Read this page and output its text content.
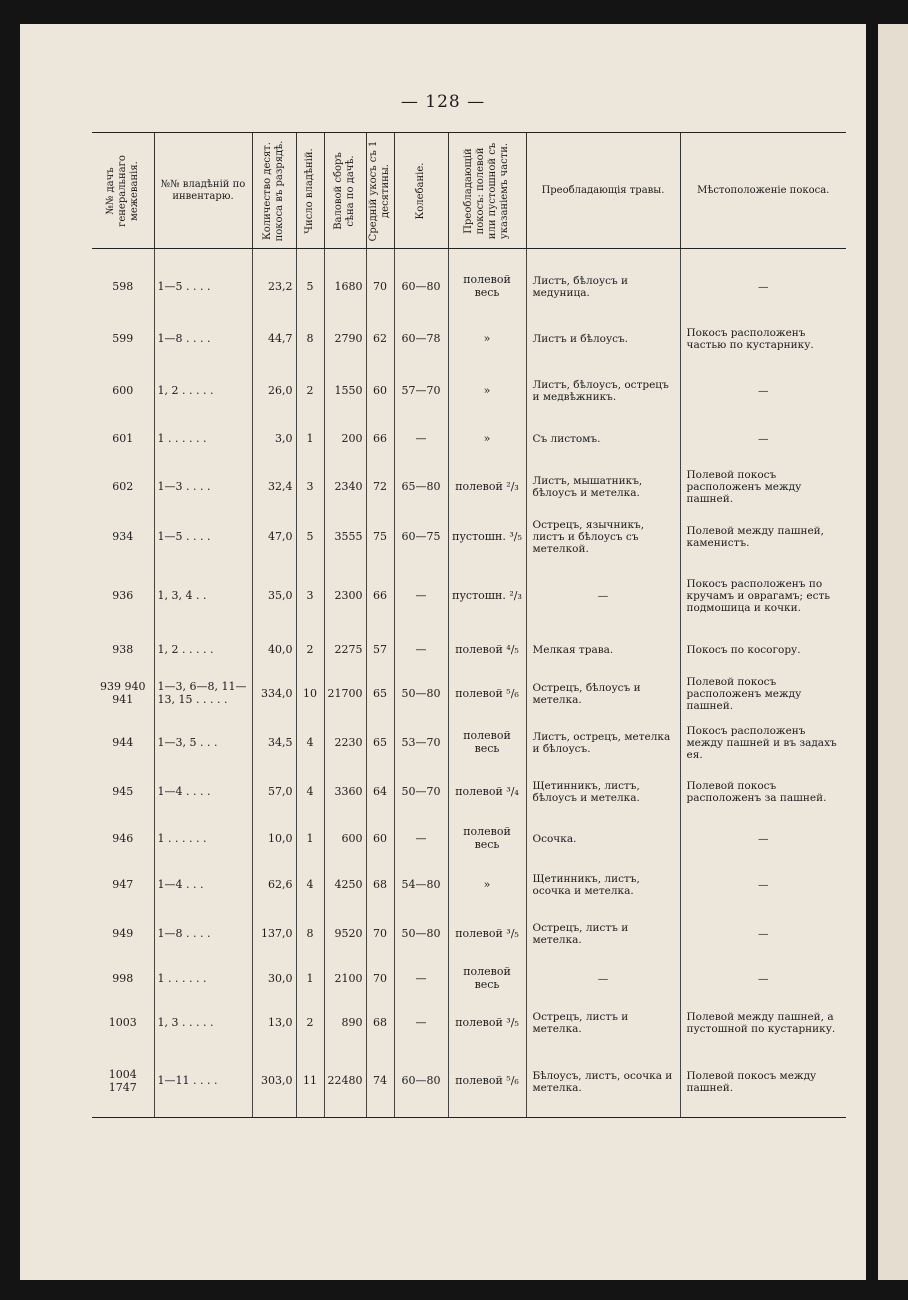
— 128 —
№№ дачъ генеральнаго межеванія.	№№ владѣній по инвентарю.	Количество десят. покоса въ разрядѣ.	Число владѣній.	Валовой сборъ сѣна по дачѣ.	Средній укосъ съ 1 десятины.	Колебаніе.	Преобладающій покосъ: полевой или пустошной съ указаніемъ части.	Преобладающія травы.	Мѣстоположеніе покоса.

598	1—5 . . . .	23,2	5	1680	70	60—80	полевой весь	Листъ, бѣлоусъ и медуница.	—
599	1—8 . . . .	44,7	8	2790	62	60—78	»	Листъ и бѣлоусъ.	Покосъ расположенъ частью по кустарнику.
600	1, 2 . . . . .	26,0	2	1550	60	57—70	»	Листъ, бѣлоусъ, острецъ и медвѣжникъ.	—
601	1 . . . . . .	3,0	1	200	66	—	»	Съ листомъ.	—
602	1—3 . . . .	32,4	3	2340	72	65—80	полевой ²/₃	Листъ, мышатникъ, бѣлоусъ и метелка.	Полевой покосъ расположенъ между пашней.
934	1—5 . . . .	47,0	5	3555	75	60—75	пустошн. ³/₅	Острецъ, язычникъ, листъ и бѣлоусъ съ метелкой.	Полевой между пашней, каменистъ.
936	1, 3, 4 . .	35,0	3	2300	66	—	пустошн. ²/₃	—	Покосъ расположенъ по кручамъ и оврагамъ; есть подмошица и кочки.
938	1, 2 . . . . .	40,0	2	2275	57	—	полевой ⁴/₅	Мелкая трава.	Покосъ по косогору.
939 940 941	1—3, 6—8, 11—13, 15 . . . . .	334,0	10	21700	65	50—80	полевой ⁵/₆	Острецъ, бѣлоусъ и метелка.	Полевой покосъ расположенъ между пашней.
944	1—3, 5 . . .	34,5	4	2230	65	53—70	полевой весь	Листъ, острецъ, метелка и бѣлоусъ.	Покосъ расположенъ между пашней и въ задахъ ея.
945	1—4 . . . .	57,0	4	3360	64	50—70	полевой ³/₄	Щетинникъ, листъ, бѣлоусъ и метелка.	Полевой покосъ расположенъ за пашней.
946	1 . . . . . .	10,0	1	600	60	—	полевой весь	Осочка.	—
947	1—4 . . .	62,6	4	4250	68	54—80	»	Щетинникъ, листъ, осочка и метелка.	—
949	1—8 . . . .	137,0	8	9520	70	50—80	полевой ³/₅	Острецъ, листъ и метелка.	—
998	1 . . . . . .	30,0	1	2100	70	—	полевой весь	—	—
1003	1, 3 . . . . .	13,0	2	890	68	—	полевой ³/₅	Острецъ, листъ и метелка.	Полевой между пашней, а пустошной по кустарнику.
1004 1747	1—11 . . . .	303,0	11	22480	74	60—80	полевой ⁵/₆	Бѣлоусъ, листъ, осочка и метелка.	Полевой покосъ между пашней.
